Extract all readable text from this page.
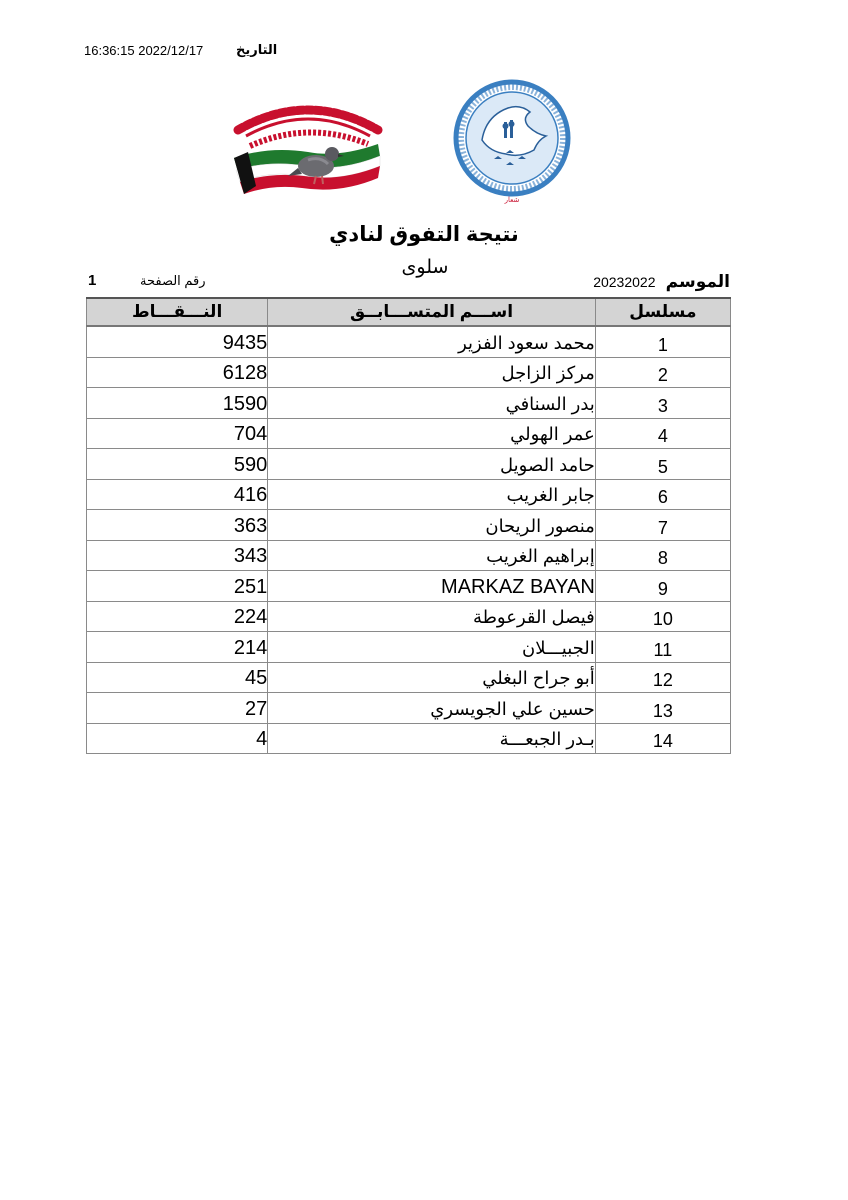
16:36:15 2022/12/17	التاريخ
شعار
نتيجة التفوق لنادي
سلوى
الموسم 20232022
1	رقم الصفحة
النـــقـــاط	اســـم المتســـابــق	مسلسل

9435	محمد سعود الفزير	1

6128	مركز الزاجل	2

1590	بدر السنافي	3

704	عمر الهولي	4

590	حامد الصويل	5

416	جابر الغريب	6

363	منصور الريحان	7

343	إبراهيم الغريب	8

251	MARKAZ BAYAN	9

224	فيصل القرعوطة	10

214	الجبيـــلان	11

45	أبو جراح البغلي	12

27	حسين علي الجويسري	13

4	بـدر الجبعـــة	14
